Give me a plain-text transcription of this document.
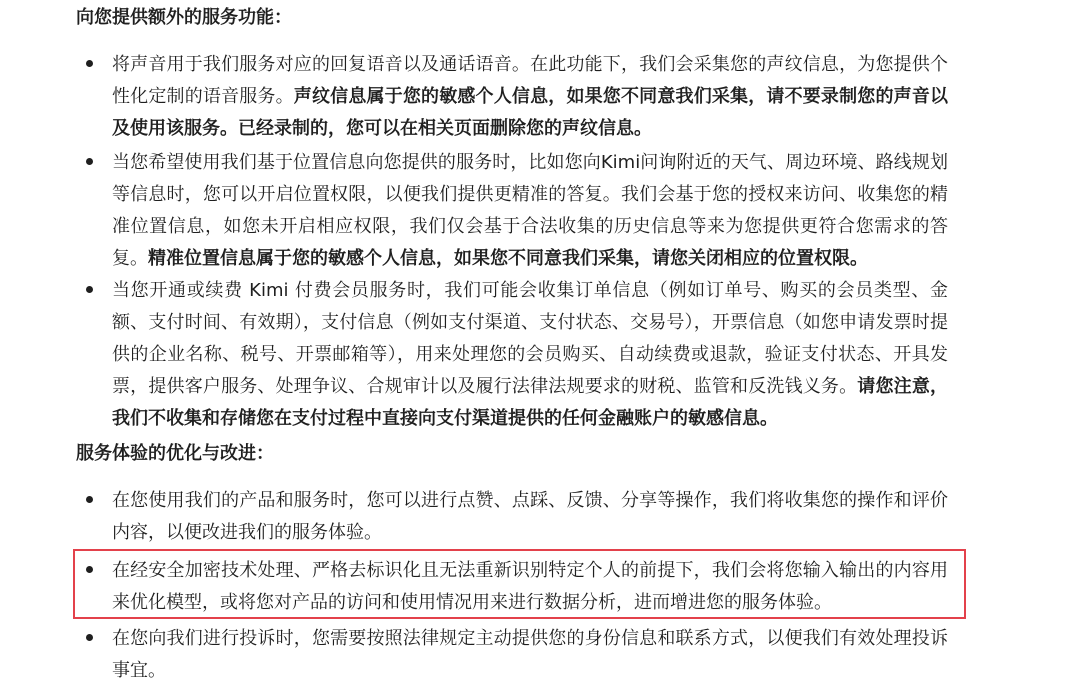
向您提供额外的服务功能：
将声音用于我们服务对应的回复语音以及通话语音。在此功能下，我们会采集您的声纹信息，为您提供个性化定制的语音服务。声纹信息属于您的敏感个人信息，如果您不同意我们采集，请不要录制您的声音以及使用该服务。已经录制的，您可以在相关页面删除您的声纹信息。
当您希望使用我们基于位置信息向您提供的服务时，比如您向Kimi问询附近的天气、周边环境、路线规划等信息时，您可以开启位置权限，以便我们提供更精准的答复。我们会基于您的授权来访问、收集您的精准位置信息，如您未开启相应权限，我们仅会基于合法收集的历史信息等来为您提供更符合您需求的答复。精准位置信息属于您的敏感个人信息，如果您不同意我们采集，请您关闭相应的位置权限。
当您开通或续费 Kimi 付费会员服务时，我们可能会收集订单信息（例如订单号、购买的会员类型、金额、支付时间、有效期），支付信息（例如支付渠道、支付状态、交易号），开票信息（如您申请发票时提供的企业名称、税号、开票邮箱等），用来处理您的会员购买、自动续费或退款，验证支付状态、开具发票，提供客户服务、处理争议、合规审计以及履行法律法规要求的财税、监管和反洗钱义务。请您注意，我们不收集和存储您在支付过程中直接向支付渠道提供的任何金融账户的敏感信息。
服务体验的优化与改进：
在您使用我们的产品和服务时，您可以进行点赞、点踩、反馈、分享等操作，我们将收集您的操作和评价内容，以便改进我们的服务体验。
在经安全加密技术处理、严格去标识化且无法重新识别特定个人的前提下，我们会将您输入输出的内容用来优化模型，或将您对产品的访问和使用情况用来进行数据分析，进而增进您的服务体验。
在您向我们进行投诉时，您需要按照法律规定主动提供您的身份信息和联系方式，以便我们有效处理投诉事宜。
